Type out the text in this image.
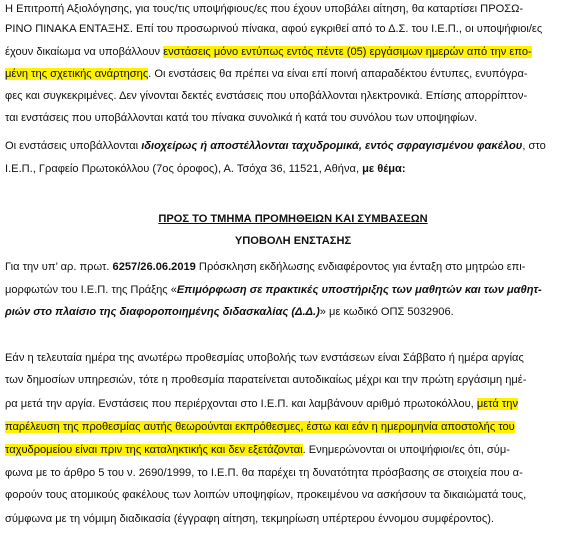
Η Επιτροπή Αξιολόγησης, για τους/τις υποψήφιους/ες που έχουν υποβάλει αίτηση, θα καταρτίσει ΠΡΟΣΩ-
ΡΙΝΟ ΠΙΝΑΚΑ ΕΝΤΑΞΗΣ. Επί του προσωρινού πίνακα, αφού εγκριθεί από το Δ.Σ. του Ι.Ε.Π., οι υποψήφιοι/ες
έχουν δικαίωμα να υποβάλλουν ενστάσεις μόνο εντύπως εντός πέντε (05) εργάσιμων ημερών από την επο-
μένη της σχετικής ανάρτησης. Οι ενστάσεις θα πρέπει να είναι επί ποινή απαραδέκτου έντυπες, ενυπόγρα-
φες και συγκεκριμένες. Δεν γίνονται δεκτές ενστάσεις που υποβάλλονται ηλεκτρονικά. Επίσης απορρίπτον-
ται ενστάσεις που υποβάλλονται κατά του πίνακα συνολικά ή κατά του συνόλου των υποψηφίων.
Οι ενστάσεις υποβάλλονται ιδιοχείρως ή αποστέλλονται ταχυδρομικά, εντός σφραγισμένου φακέλου, στο
Ι.Ε.Π., Γραφείο Πρωτοκόλλου (7ος όροφος), Α. Τσόχα 36, 11521, Αθήνα, με θέμα:
ΠΡΟΣ ΤΟ ΤΜΗΜΑ ΠΡΟΜΗΘΕΙΩΝ ΚΑΙ ΣΥΜΒΑΣΕΩΝ
ΥΠΟΒΟΛΗ ΕΝΣΤΑΣΗΣ
Για την υπ’ αρ. πρωτ. 6257/26.06.2019 Πρόσκληση εκδήλωσης ενδιαφέροντος για ένταξη στο μητρώο επι-
μορφωτών του Ι.Ε.Π. της Πράξης «Επιμόρφωση σε πρακτικές υποστήριξης των μαθητών και των μαθητ-
ριών στο πλαίσιο της διαφοροποιημένης διδασκαλίας (Δ.Δ.)» με κωδικό ΟΠΣ 5032906.
Εάν η τελευταία ημέρα της ανωτέρω προθεσμίας υποβολής των ενστάσεων είναι Σάββατο ή ημέρα αργίας
των δημοσίων υπηρεσιών, τότε η προθεσμία παρατείνεται αυτοδικαίως μέχρι και την πρώτη εργάσιμη ημέ-
ρα μετά την αργία. Ενστάσεις που περιέρχονται στο Ι.Ε.Π. και λαμβάνουν αριθμό πρωτοκόλλου, μετά την
παρέλευση της προθεσμίας αυτής θεωρούνται εκπρόθεσμες, έστω και εάν η ημερομηνία αποστολής του
ταχυδρομείου είναι πριν της καταληκτικής και δεν εξετάζονται. Ενημερώνονται οι υποψήφιοι/ες ότι, σύμ-
φωνα με το άρθρο 5 του ν. 2690/1999, το Ι.Ε.Π. θα παρέχει τη δυνατότητα πρόσβασης σε στοιχεία που α-
φορούν τους ατομικούς φακέλους των λοιπών υποψηφίων, προκειμένου να ασκήσουν τα δικαιώματά τους,
σύμφωνα με τη νόμιμη διαδικασία (έγγραφη αίτηση, τεκμηρίωση υπέρτερου έννομου συμφέροντος).
